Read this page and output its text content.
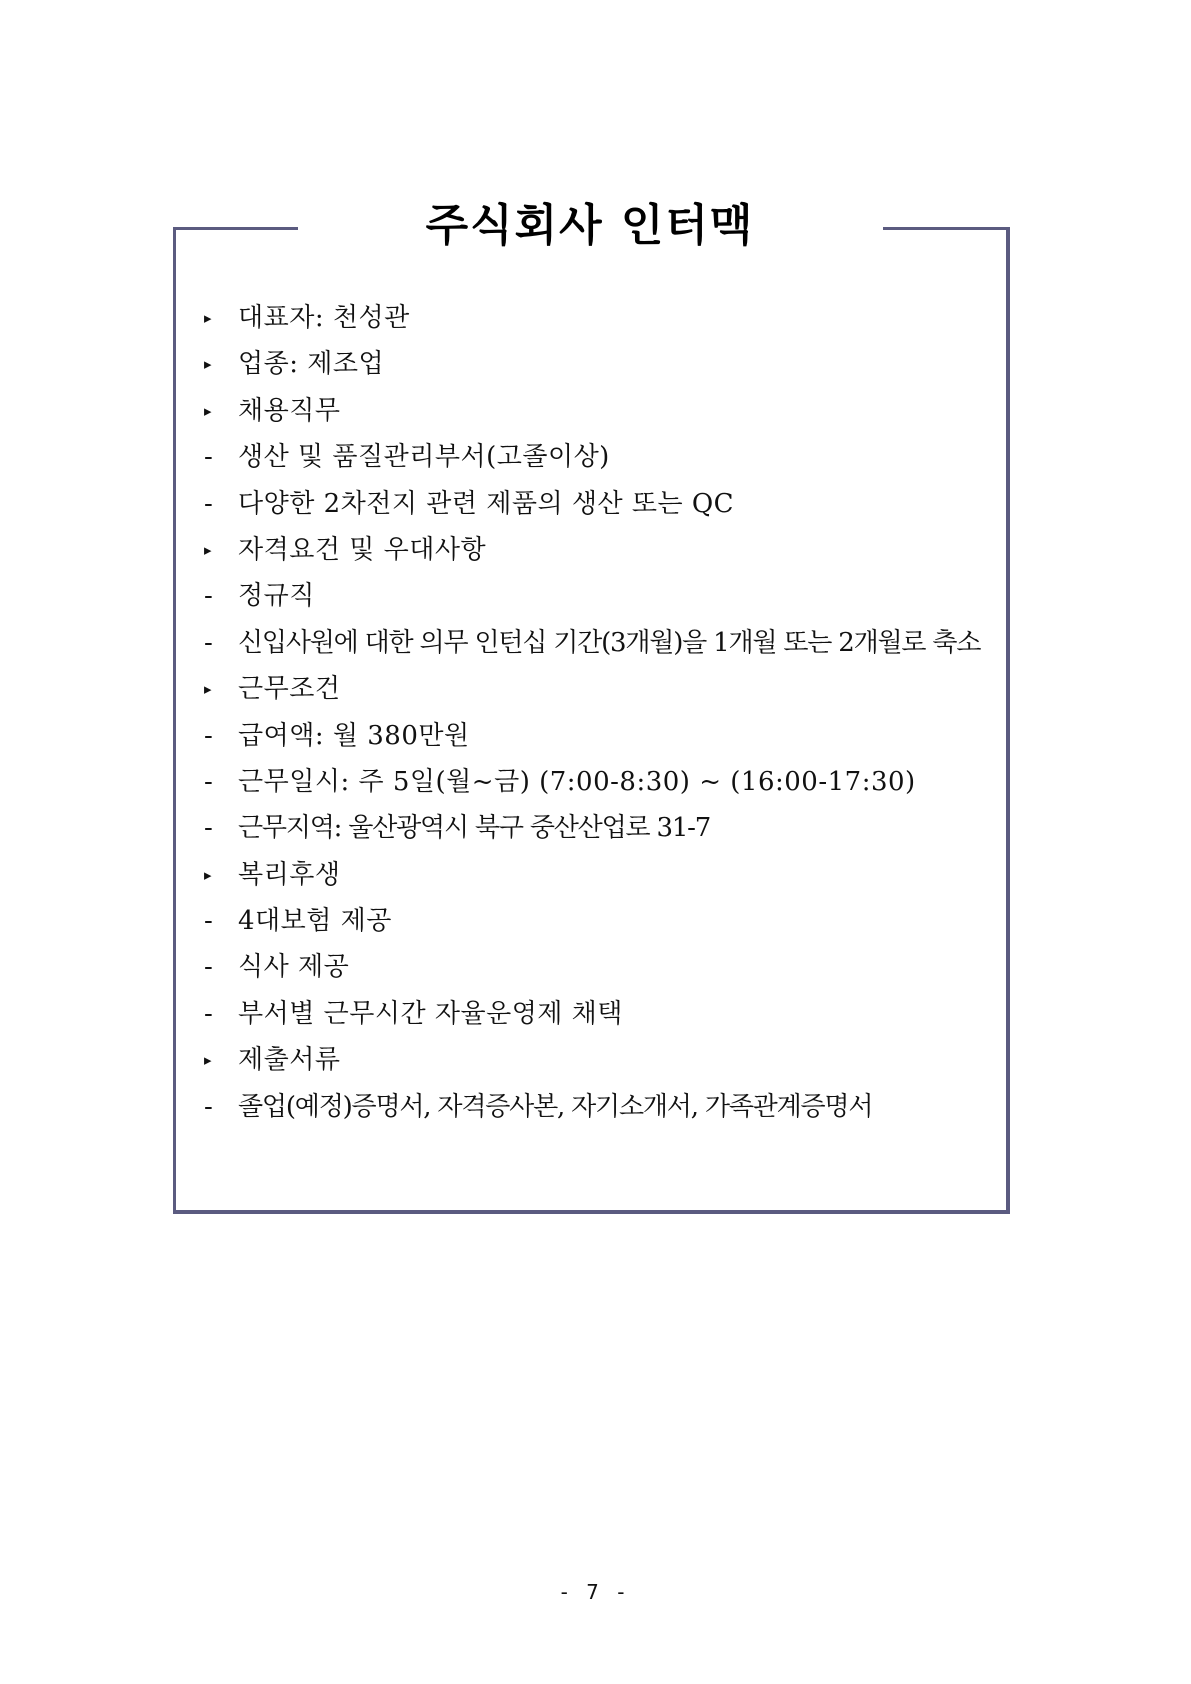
주식회사 인터맥
▸ 대표자: 천성관
▸ 업종: 제조업
▸ 채용직무
- 생산 및 품질관리부서(고졸이상)
- 다양한 2차전지 관련 제품의 생산 또는 QC
▸ 자격요건 및 우대사항
- 정규직
- 신입사원에 대한 의무 인턴십 기간(3개월)을 1개월 또는 2개월로 축소
▸ 근무조건
- 급여액: 월 380만원
- 근무일시: 주 5일(월~금) (7:00-8:30) ~ (16:00-17:30)
- 근무지역: 울산광역시 북구 중산산업로 31-7
▸ 복리후생
- 4대보험 제공
- 식사 제공
- 부서별 근무시간 자율운영제 채택
▸ 제출서류
- 졸업(예정)증명서, 자격증사본, 자기소개서, 가족관계증명서
- 7 -
